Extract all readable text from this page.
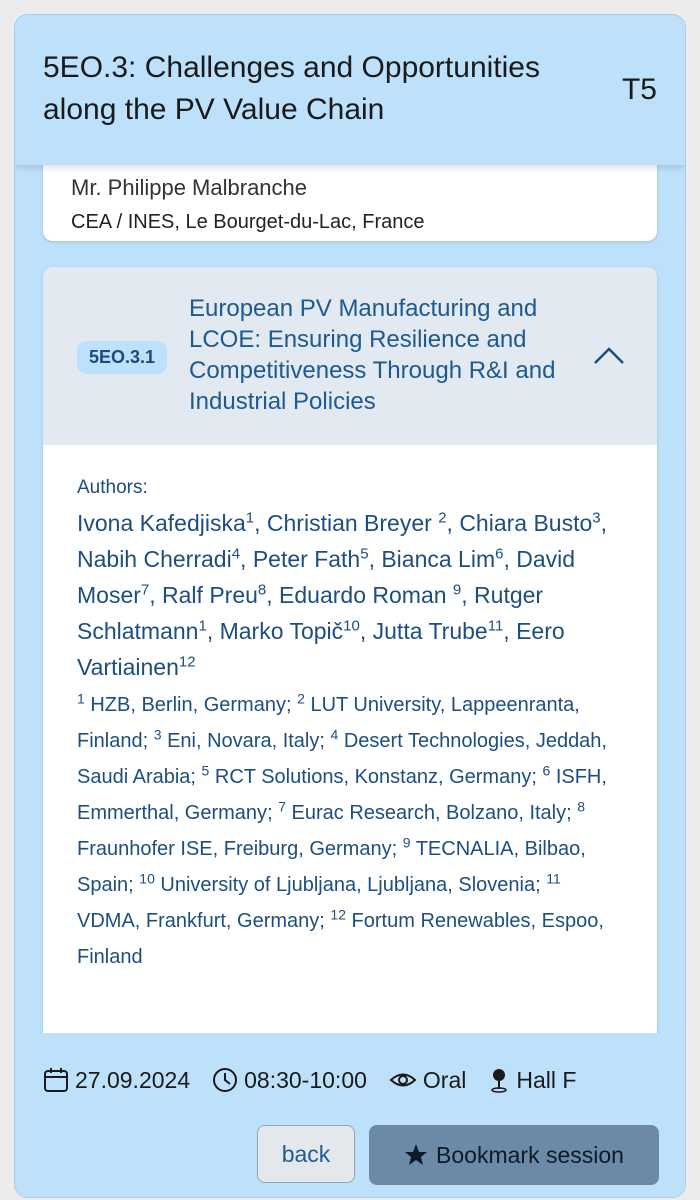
Mr. Philippe Malbranche
CEA / INES, Le Bourget-du-Lac, France
5EO.3.1
European PV Manufacturing and LCOE: Ensuring Resilience and Competitiveness Through R&I and Industrial Policies
Authors:
Ivona Kafedjiska$^1$, Christian Breyer $^2$, Chiara Busto$^3$, Nabih Cherradi$^4$, Peter Fath$^5$, Bianca Lim$^6$, David Moser$^7$, Ralf Preu$^8$, Eduardo Roman $^9$, Rutger Schlatmann$^1$, Marko Topič$^{10}$, Jutta Trube$^{11}$, Eero Vartiainen$^{12}$
$^1$ HZB, Berlin, Germany; $^2$ LUT University, Lappeenranta, Finland; $^3$ Eni, Novara, Italy; $^4$ Desert Technologies, Jeddah, Saudi Arabia; $^5$ RCT Solutions, Konstanz, Germany; $^6$ ISFH, Emmerthal, Germany; $^7$ Eurac Research, Bolzano, Italy; $^8$ Fraunhofer ISE, Freiburg, Germany; $^9$ TECNALIA, Bilbao, Spain; $^{10}$ University of Ljubljana, Ljubljana, Slovenia; $^{11}$ VDMA, Frankfurt, Germany; $^{12}$ Fortum Renewables, Espoo, Finland
5EO.3: Challenges and Opportunities along the PV Value Chain
T5
27.09.2024 08:30-10:00 Oral Hall F
back	Bookmark session
